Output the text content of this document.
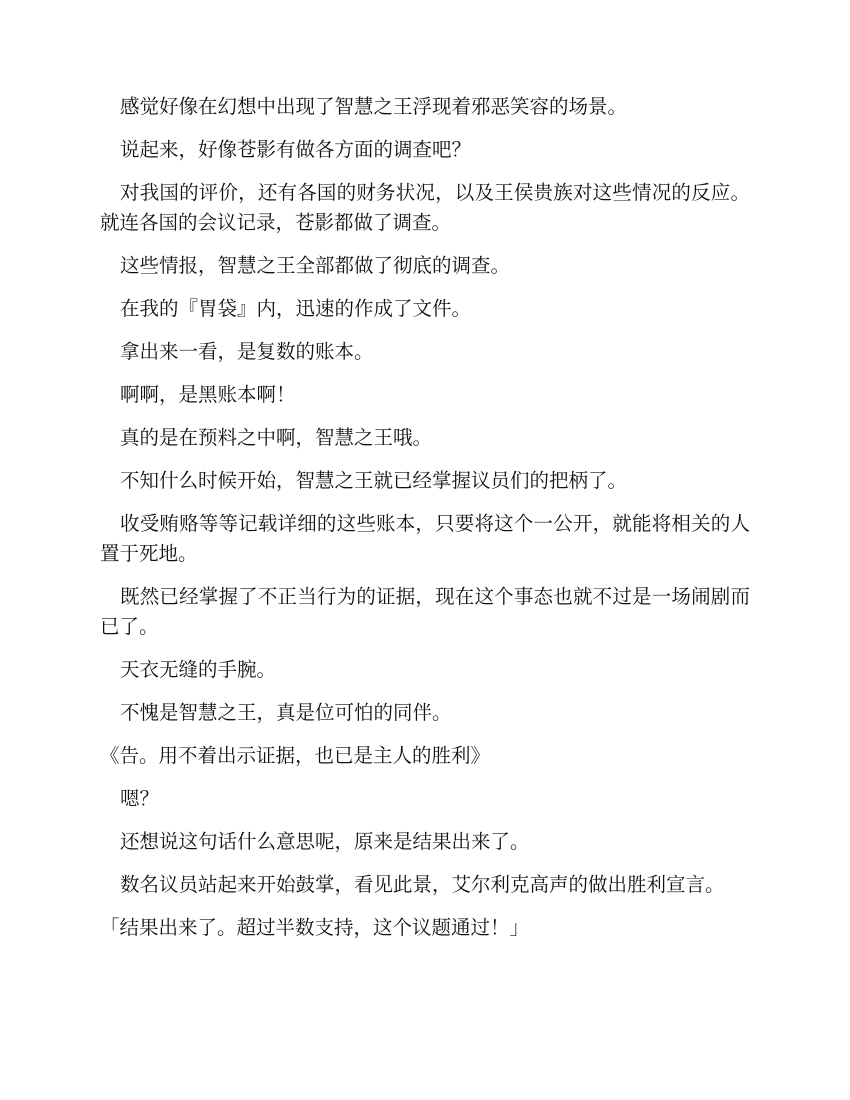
感觉好像在幻想中出现了智慧之王浮现着邪恶笑容的场景。

说起来，好像苍影有做各方面的调查吧？

对我国的评价，还有各国的财务状况，以及王侯贵族对这些情况的反应。就连各国的会议记录，苍影都做了调查。

这些情报，智慧之王全部都做了彻底的调查。

在我的『胃袋』内，迅速的作成了文件。

拿出来一看，是复数的账本。

啊啊，是黑账本啊！

真的是在预料之中啊，智慧之王哦。

不知什么时候开始，智慧之王就已经掌握议员们的把柄了。

收受贿赂等等记载详细的这些账本，只要将这个一公开，就能将相关的人置于死地。

既然已经掌握了不正当行为的证据，现在这个事态也就不过是一场闹剧而已了。

天衣无缝的手腕。

不愧是智慧之王，真是位可怕的同伴。

《告。用不着出示证据，也已是主人的胜利》

嗯？

还想说这句话什么意思呢，原来是结果出来了。

数名议员站起来开始鼓掌，看见此景，艾尔利克高声的做出胜利宣言。

「结果出来了。超过半数支持，这个议题通过！」
